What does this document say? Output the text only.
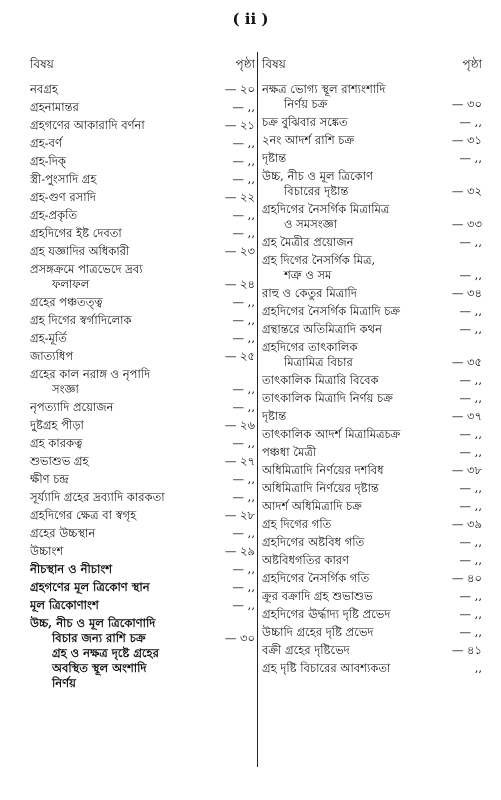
( ii )
বিষয়	পৃষ্ঠা
নবগ্রহ	— ২০
গ্রহনামান্তর	— ,,
গ্রহগণের আকারাদি বর্ণনা	— ২১
গ্রহ-বর্ণ	— ,,
গ্রহ-দিক্	— ,,
স্ত্রী-পুংসাদি গ্রহ	— ,,
গ্রহ-গুণ রসাদি	— ২২
গ্রহ-প্রকৃতি	— ,,
গ্রহদিগের ইষ্ট দেবতা	— ,,
গ্রহ যজ্ঞাদির অধিকারী	— ২৩
প্রসঙ্গক্রমে পাত্রভেদে দ্রব্য
ফলাফল	— ২৪
গ্রহের পঞ্চতত্ত্ব	— ,,
গ্রহ দিগের স্বর্গাদিলোক	— ,,
গ্রহ-মূর্তি	— ,,
জাত্যধিপ	— ২৫
গ্রহের কাল নরাঙ্গ ও নৃপাদি
সংজ্ঞা	— ,,
নৃপত্যাদি প্রয়োজন	— ,,
দুষ্টগ্রহ পীড়া	— ২৬
গ্রহ কারকত্ব	— ,,
শুভাশুভ গ্রহ	— ২৭
ক্ষীণ চন্দ্র	— ,,
সূর্য্যাদি গ্রহের দ্রব্যাদি কারকতা	— ,,
গ্রহদিগের ক্ষেত্র বা স্বগৃহ	— ২৮
গ্রহের উচ্চস্থান	— ,,
উচ্চাংশ	— ২৯
নীচস্থান ও নীচাংশ	— ,,
গ্রহগণের মূল ত্রিকোণ স্থান	— ,,
মূল ত্রিকোণাংশ	— ,,
উচ্চ, নীচ ও মূল ত্রিকোণাদি
বিচার জন্য রাশি চক্র	— ৩০
গ্রহ ও নক্ষত্র দৃষ্টে গ্রহের
অবস্থিত স্থূল অংশাদি
নির্ণয়
বিষয়	পৃষ্ঠা
নক্ষত্র ভোগ্য স্থূল রাশ্যংশাদি
নির্ণয় চক্র	— ৩০
চক্র বুঝিবার সঙ্কেত	— ,,
২নং আদর্শ রাশি চক্র	— ৩১
দৃষ্টান্ত	— ,,
উচ্চ, নীচ ও মূল ত্রিকোণ
বিচারের দৃষ্টান্ত	— ৩২
গ্রহদিগের নৈসর্গিক মিত্রামিত্র
ও সমসংজ্ঞা	— ৩৩
গ্রহ মৈত্রীর প্রয়োজন	— ,,
গ্রহ দিগের নৈসর্গিক মিত্র,
শত্রু ও সম	— ,,
রাহু ও কেতুর মিত্রাদি	— ৩৪
গ্রহদিগের নৈসর্গিক মিত্রাদি চক্র	— ,,
গ্রন্থান্তরে অতিমিত্রাদি কথন	— ,,
গ্রহদিগের তাৎকালিক
মিত্রামিত্র বিচার	— ৩৫
তাৎকালিক মিত্রারি বিবেক	— ,,
তাৎকালিক মিত্রাদি নির্ণয় চক্র	— ,,
দৃষ্টান্ত	— ৩৭
তাৎকালিক আদর্শ মিত্রামিত্রচক্র	— ,,
পঞ্চধা মৈত্রী	— ,,
অধিমিত্রাদি নির্ণয়ের দশবিধ	— ৩৮
অধিমিত্রাদি নির্ণয়ের দৃষ্টান্ত	— ,,
আদর্শ অধিমিত্রাদি চক্র	— ,,
গ্রহ দিগের গতি	— ৩৯
গ্রহদিগের অষ্টবিধ গতি	— ,,
অষ্টবিধগতির কারণ	— ,,
গ্রহদিগের নৈসর্গিক গতি	— ৪০
ক্রূর বক্রাদি গ্রহ শুভাশুভ	— ,,
গ্রহদিগের ঊর্দ্ধাদ্য দৃষ্টি প্রভেদ	— ,,
উচ্চাদি গ্রহের দৃষ্টি প্রভেদ	— ,,
বক্রী গ্রহের দৃষ্টিভেদ	— ৪১
গ্রহ দৃষ্টি বিচারের আবশ্যকতা	,,
